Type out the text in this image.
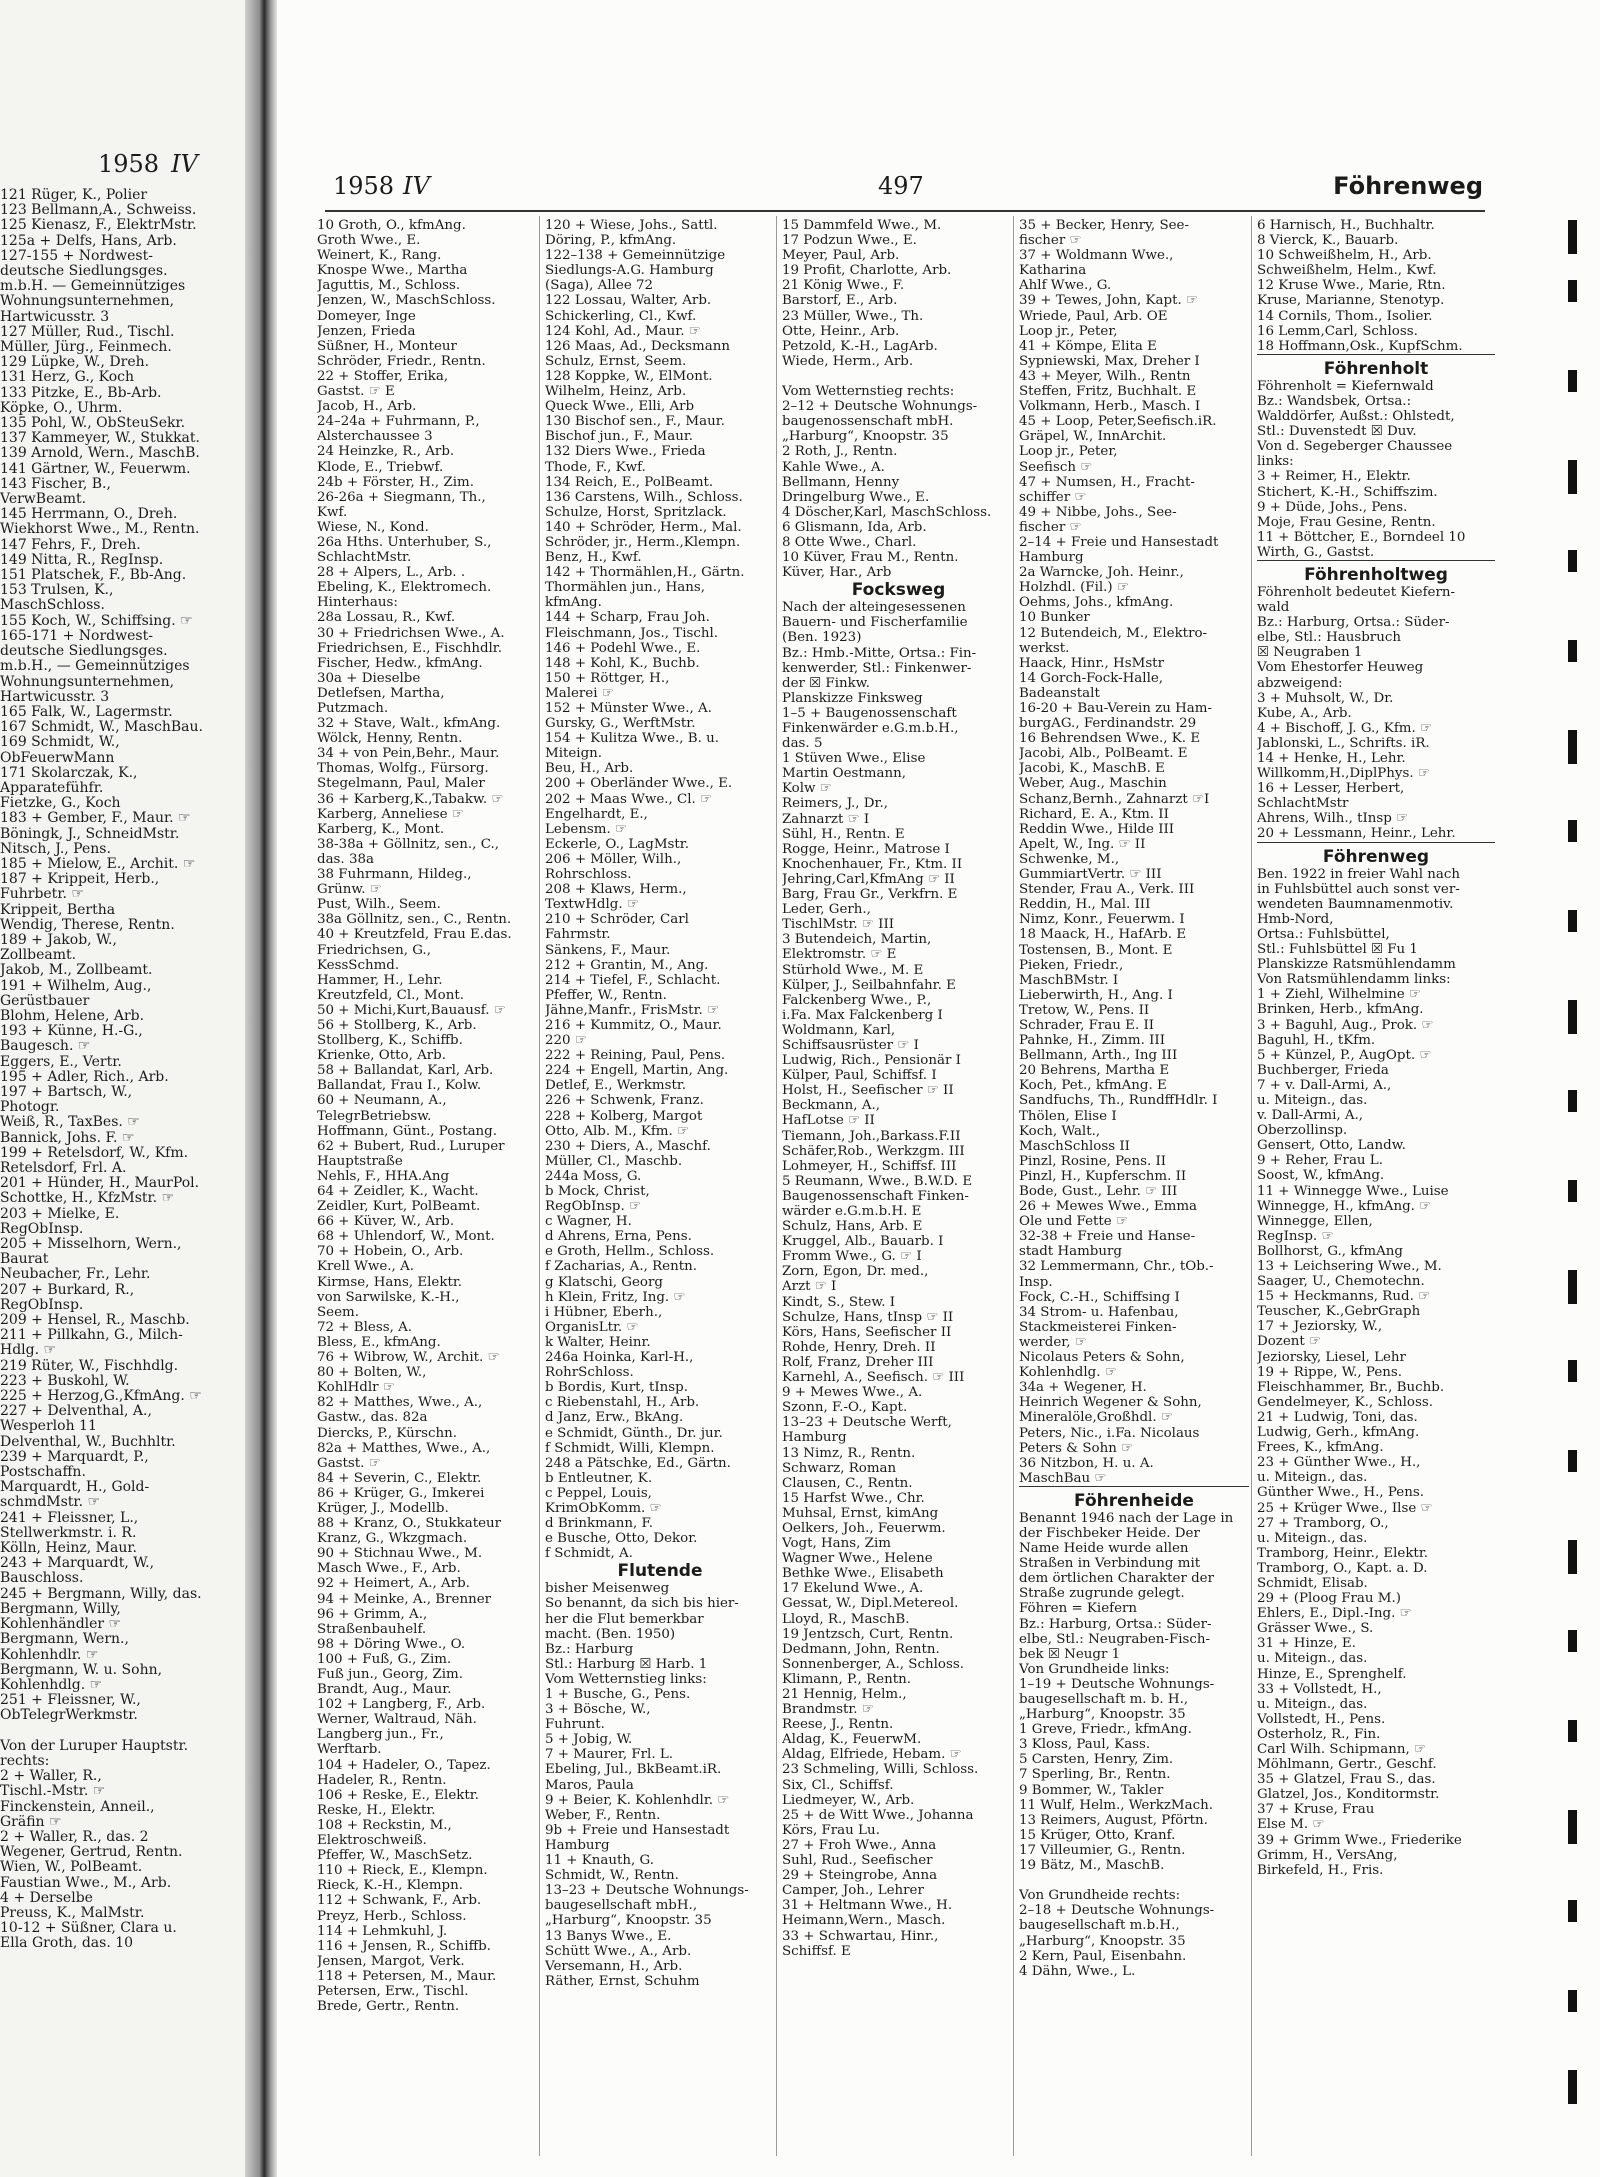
1958 IV
121 Rüger, K., Polier
123 Bellmann,A., Schweiss.
125 Kienasz, F., ElektrMstr.
125a + Delfs, Hans, Arb.
127-155 + Nordwest-
deutsche Siedlungsges.
m.b.H. — Gemeinnütziges
Wohnungsunternehmen,
Hartwicusstr. 3
127 Müller, Rud., Tischl.
Müller, Jürg., Feinmech.
129 Lüpke, W., Dreh.
131 Herz, G., Koch
133 Pitzke, E., Bb-Arb.
Köpke, O., Uhrm.
135 Pohl, W., ObSteuSekr.
137 Kammeyer, W., Stukkat.
139 Arnold, Wern., MaschB.
141 Gärtner, W., Feuerwm.
143 Fischer, B.,
VerwBeamt.
145 Herrmann, O., Dreh.
Wiekhorst Wwe., M., Rentn.
147 Fehrs, F., Dreh.
149 Nitta, R., RegInsp.
151 Platschek, F., Bb-Ang.
153 Trulsen, K.,
MaschSchloss.
155 Koch, W., Schiffsing. ☞
165-171 + Nordwest-
deutsche Siedlungsges.
m.b.H., — Gemeinnütziges
Wohnungsunternehmen,
Hartwicusstr. 3
165 Falk, W., Lagermstr.
167 Schmidt, W., MaschBau.
169 Schmidt, W.,
ObFeuerwMann
171 Skolarczak, K.,
Apparatefühfr.
Fietzke, G., Koch
183 + Gember, F., Maur. ☞
Böningk, J., SchneidMstr.
Nitsch, J., Pens.
185 + Mielow, E., Archit. ☞
187 + Krippeit, Herb.,
Fuhrbetr. ☞
Krippeit, Bertha
Wendig, Therese, Rentn.
189 + Jakob, W.,
Zollbeamt.
Jakob, M., Zollbeamt.
191 + Wilhelm, Aug.,
Gerüstbauer
Blohm, Helene, Arb.
193 + Künne, H.-G.,
Baugesch. ☞
Eggers, E., Vertr.
195 + Adler, Rich., Arb.
197 + Bartsch, W.,
Photogr.
Weiß, R., TaxBes. ☞
Bannick, Johs. F. ☞
199 + Retelsdorf, W., Kfm.
Retelsdorf, Frl. A.
201 + Hünder, H., MaurPol.
Schottke, H., KfzMstr. ☞
203 + Mielke, E.
RegObInsp.
205 + Misselhorn, Wern.,
Baurat
Neubacher, Fr., Lehr.
207 + Burkard, R.,
RegObInsp.
209 + Hensel, R., Maschb.
211 + Pillkahn, G., Milch-
Hdlg. ☞
219 Rüter, W., Fischhdlg.
223 + Buskohl, W.
225 + Herzog,G.,KfmAng. ☞
227 + Delventhal, A.,
Wesperloh 11
Delventhal, W., Buchhltr.
239 + Marquardt, P.,
Postschaffn.
Marquardt, H., Gold-
schmdMstr. ☞
241 + Fleissner, L.,
Stellwerkmstr. i. R.
Kölln, Heinz, Maur.
243 + Marquardt, W.,
Bauschloss.
245 + Bergmann, Willy, das.
Bergmann, Willy,
Kohlenhändler ☞
Bergmann, Wern.,
Kohlenhdlr. ☞
Bergmann, W. u. Sohn,
Kohlenhdlg. ☞
251 + Fleissner, W.,
ObTelegrWerkmstr.

Von der Luruper Hauptstr.
rechts:
2 + Waller, R.,
Tischl.-Mstr. ☞
Finckenstein, Anneil.,
Gräfin ☞
2 + Waller, R., das. 2
Wegener, Gertrud, Rentn.
Wien, W., PolBeamt.
Faustian Wwe., M., Arb.
4 + Derselbe
Preuss, K., MalMstr.
10-12 + Süßner, Clara u.
Ella Groth, das. 10
1958 IV	497	Föhrenweg

10 Groth, O., kfmAng.

Groth Wwe., E.

Weinert, K., Rang.

Knospe Wwe., Martha

Jaguttis, M., Schloss.

Jenzen, W., MaschSchloss.

Domeyer, Inge

Jenzen, Frieda

Süßner, H., Monteur

Schröder, Friedr., Rentn.

22 + Stoffer, Erika,

Gastst. ☞ E

Jacob, H., Arb.

24–24a + Fuhrmann, P.,

Alsterchaussee 3

24 Heinzke, R., Arb.

Klode, E., Triebwf.

24b + Förster, H., Zim.

26-26a + Siegmann, Th.,

Kwf.

Wiese, N., Kond.

26a Hths. Unterhuber, S.,

SchlachtMstr.

28 + Alpers, L., Arb. .

Ebeling, K., Elektromech.

Hinterhaus:

28a Lossau, R., Kwf.

30 + Friedrichsen Wwe., A.

Friedrichsen, E., Fischhdlr.

Fischer, Hedw., kfmAng.

30a + Dieselbe

Detlefsen, Martha,

Putzmach.

32 + Stave, Walt., kfmAng.

Wölck, Henny, Rentn.

34 + von Pein,Behr., Maur.

Thomas, Wolfg., Fürsorg.

Stegelmann, Paul, Maler

36 + Karberg,K.,Tabakw. ☞

Karberg, Anneliese ☞

Karberg, K., Mont.

38-38a + Göllnitz, sen., C.,

das. 38a

38 Fuhrmann, Hildeg.,

Grünw. ☞

Pust, Wilh., Seem.

38a Göllnitz, sen., C., Rentn.

40 + Kreutzfeld, Frau E.das.

Friedrichsen, G.,

KessSchmd.

Hammer, H., Lehr.

Kreutzfeld, Cl., Mont.

50 + Michi,Kurt,Bauausf. ☞

56 + Stollberg, K., Arb.

Stollberg, K., Schiffb.

Krienke, Otto, Arb.

58 + Ballandat, Karl, Arb.

Ballandat, Frau I., Kolw.

60 + Neumann, A.,

TelegrBetriebsw.

Hoffmann, Günt., Postang.

62 + Bubert, Rud., Luruper

Hauptstraße

Nehls, F., HHA.Ang

64 + Zeidler, K., Wacht.

Zeidler, Kurt, PolBeamt.

66 + Küver, W., Arb.

68 + Uhlendorf, W., Mont.

70 + Hobein, O., Arb.

Krell Wwe., A.

Kirmse, Hans, Elektr.

von Sarwilske, K.-H.,

Seem.

72 + Bless, A.

Bless, E., kfmAng.

76 + Wibrow, W., Archit. ☞

80 + Bolten, W.,

KohlHdlr ☞

82 + Matthes, Wwe., A.,

Gastw., das. 82a

Diercks, P., Kürschn.

82a + Matthes, Wwe., A.,

Gastst. ☞

84 + Severin, C., Elektr.

86 + Krüger, G., Imkerei

Krüger, J., Modellb.

88 + Kranz, O., Stukkateur

Kranz, G., Wkzgmach.

90 + Stichnau Wwe., M.

Masch Wwe., F., Arb.

92 + Heimert, A., Arb.

94 + Meinke, A., Brenner

96 + Grimm, A.,

Straßenbauhelf.

98 + Döring Wwe., O.

100 + Fuß, G., Zim.

Fuß jun., Georg, Zim.

Brandt, Aug., Maur.

102 + Langberg, F., Arb.

Werner, Waltraud, Näh.

Langberg jun., Fr.,

Werftarb.

104 + Hadeler, O., Tapez.

Hadeler, R., Rentn.

106 + Reske, E., Elektr.

Reske, H., Elektr.

108 + Reckstin, M.,

Elektroschweiß.

Pfeffer, W., MaschSetz.

110 + Rieck, E., Klempn.

Rieck, K.-H., Klempn.

112 + Schwank, F., Arb.

Preyz, Herb., Schloss.

114 + Lehmkuhl, J.

116 + Jensen, R., Schiffb.

Jensen, Margot, Verk.

118 + Petersen, M., Maur.

Petersen, Erw., Tischl.

Brede, Gertr., Rentn.

120 + Wiese, Johs., Sattl.

Döring, P., kfmAng.

122–138 + Gemeinnützige

Siedlungs-A.G. Hamburg

(Saga), Allee 72

122 Lossau, Walter, Arb.

Schickerling, Cl., Kwf.

124 Kohl, Ad., Maur. ☞

126 Maas, Ad., Decksmann

Schulz, Ernst, Seem.

128 Koppke, W., ElMont.

Wilhelm, Heinz, Arb.

Queck Wwe., Elli, Arb

130 Bischof sen., F., Maur.

Bischof jun., F., Maur.

132 Diers Wwe., Frieda

Thode, F., Kwf.

134 Reich, E., PolBeamt.

136 Carstens, Wilh., Schloss.

Schulze, Horst, Spritzlack.

140 + Schröder, Herm., Mal.

Schröder, jr., Herm.,Klempn.

Benz, H., Kwf.

142 + Thormählen,H., Gärtn.

Thormählen jun., Hans,

kfmAng.

144 + Scharp, Frau Joh.

Fleischmann, Jos., Tischl.

146 + Podehl Wwe., E.

148 + Kohl, K., Buchb.

150 + Röttger, H.,

Malerei ☞

152 + Münster Wwe., A.

Gursky, G., WerftMstr.

154 + Kulitza Wwe., B. u.

Miteign.

Beu, H., Arb.

200 + Oberländer Wwe., E.

202 + Maas Wwe., Cl. ☞

Engelhardt, E.,

Lebensm. ☞

Eckerle, O., LagMstr.

206 + Möller, Wilh.,

Rohrschloss.

208 + Klaws, Herm.,

TextwHdlg. ☞

210 + Schröder, Carl

Fahrmstr.

Sänkens, F., Maur.

212 + Grantin, M., Ang.

214 + Tiefel, F., Schlacht.

Pfeffer, W., Rentn.

Jähne,Manfr., FrisMstr. ☞

216 + Kummitz, O., Maur.

220 ☞

222 + Reining, Paul, Pens.

224 + Engell, Martin, Ang.

Detlef, E., Werkmstr.

226 + Schwenk, Franz.

228 + Kolberg, Margot

Otto, Alb. M., Kfm. ☞

230 + Diers, A., Maschf.

Müller, Cl., Maschb.

244a Moss, G.

b Mock, Christ,

RegObInsp. ☞

c Wagner, H.

d Ahrens, Erna, Pens.

e Groth, Hellm., Schloss.

f Zacharias, A., Rentn.

g Klatschi, Georg

h Klein, Fritz, Ing. ☞

i Hübner, Eberh.,

OrganisLtr. ☞

k Walter, Heinr.

246a Hoinka, Karl-H.,

RohrSchloss.

b Bordis, Kurt, tInsp.

c Riebenstahl, H., Arb.

d Janz, Erw., BkAng.

e Schmidt, Günth., Dr. jur.

f Schmidt, Willi, Klempn.

248 a Pätschke, Ed., Gärtn.

b Entleutner, K.

c Peppel, Louis,

KrimObKomm. ☞

d Brinkmann, F.

e Busche, Otto, Dekor.

f Schmidt, A.

Flutende

bisher Meisenweg

So benannt, da sich bis hier-

her die Flut bemerkbar

macht. (Ben. 1950)

Bz.: Harburg

Stl.: Harburg ☒ Harb. 1

Vom Wetternstieg links:

1 + Busche, G., Pens.

3 + Bösche, W.,

Fuhrunt.

5 + Jobig, W.

7 + Maurer, Frl. L.

Ebeling, Jul., BkBeamt.iR.

Maros, Paula

9 + Beier, K. Kohlenhdlr. ☞

Weber, F., Rentn.

9b + Freie und Hansestadt

Hamburg

11 + Knauth, G.

Schmidt, W., Rentn.

13–23 + Deutsche Wohnungs-

baugesellschaft mbH.,

„Harburg“, Knoopstr. 35

13 Banys Wwe., E.

Schütt Wwe., A., Arb.

Versemann, H., Arb.

Räther, Ernst, Schuhm

15 Dammfeld Wwe., M.

17 Podzun Wwe., E.

Meyer, Paul, Arb.

19 Profit, Charlotte, Arb.

21 König Wwe., F.

Barstorf, E., Arb.

23 Müller, Wwe., Th.

Otte, Heinr., Arb.

Petzold, K.-H., LagArb.

Wiede, Herm., Arb.

Vom Wetternstieg rechts:

2–12 + Deutsche Wohnungs-

baugenossenschaft mbH.

„Harburg“, Knoopstr. 35

2 Roth, J., Rentn.

Kahle Wwe., A.

Bellmann, Henny

Dringelburg Wwe., E.

4 Döscher,Karl, MaschSchloss.

6 Glismann, Ida, Arb.

8 Otte Wwe., Charl.

10 Küver, Frau M., Rentn.

Küver, Har., Arb

Focksweg

Nach der alteingesessenen

Bauern- und Fischerfamilie

(Ben. 1923)

Bz.: Hmb.-Mitte, Ortsa.: Fin-

kenwerder, Stl.: Finkenwer-

der ☒ Finkw.

Planskizze Finksweg

1–5 + Baugenossenschaft

Finkenwärder e.G.m.b.H.,

das. 5

1 Stüven Wwe., Elise

Martin Oestmann,

Kolw ☞

Reimers, J., Dr.,

Zahnarzt ☞ I

Sühl, H., Rentn. E

Rogge, Heinr., Matrose I

Knochenhauer, Fr., Ktm. II

Jehring,Carl,KfmAng ☞ II

Barg, Frau Gr., Verkfrn. E

Leder, Gerh.,

TischlMstr. ☞ III

3 Butendeich, Martin,

Elektromstr. ☞ E

Stürhold Wwe., M. E

Külper, J., Seilbahnfahr. E

Falckenberg Wwe., P.,

i.Fa. Max Falckenberg I

Woldmann, Karl,

Schiffsausrüster ☞ I

Ludwig, Rich., Pensionär I

Külper, Paul, Schiffsf. I

Holst, H., Seefischer ☞ II

Beckmann, A.,

HafLotse ☞ II

Tiemann, Joh.,Barkass.F.II

Schäfer,Rob., Werkzgm. III

Lohmeyer, H., Schiffsf. III

5 Reumann, Wwe., B.W.D. E

Baugenossenschaft Finken-

wärder e.G.m.b.H. E

Schulz, Hans, Arb. E

Kruggel, Alb., Bauarb. I

Fromm Wwe., G. ☞ I

Zorn, Egon, Dr. med.,

Arzt ☞ I

Kindt, S., Stew. I

Schulze, Hans, tInsp ☞ II

Körs, Hans, Seefischer II

Rohde, Henry, Dreh. II

Rolf, Franz, Dreher III

Karnehl, A., Seefisch. ☞ III

9 + Mewes Wwe., A.

Szonn, F.-O., Kapt.

13–23 + Deutsche Werft,

Hamburg

13 Nimz, R., Rentn.

Schwarz, Roman

Clausen, C., Rentn.

15 Harfst Wwe., Chr.

Muhsal, Ernst, kimAng

Oelkers, Joh., Feuerwm.

Vogt, Hans, Zim

Wagner Wwe., Helene

Bethke Wwe., Elisabeth

17 Ekelund Wwe., A.

Gessat, W., Dipl.Metereol.

Lloyd, R., MaschB.

19 Jentzsch, Curt, Rentn.

Dedmann, John, Rentn.

Sonnenberger, A., Schloss.

Klimann, P., Rentn.

21 Hennig, Helm.,

Brandmstr. ☞

Reese, J., Rentn.

Aldag, K., FeuerwM.

Aldag, Elfriede, Hebam. ☞

23 Schmeling, Willi, Schloss.

Six, Cl., Schiffsf.

Liedmeyer, W., Arb.

25 + de Witt Wwe., Johanna

Körs, Frau Lu.

27 + Froh Wwe., Anna

Suhl, Rud., Seefischer

29 + Steingrobe, Anna

Camper, Joh., Lehrer

31 + Heltmann Wwe., H.

Heimann,Wern., Masch.

33 + Schwartau, Hinr.,

Schiffsf. E

35 + Becker, Henry, See-

fischer ☞

37 + Woldmann Wwe.,

Katharina

Ahlf Wwe., G.

39 + Tewes, John, Kapt. ☞

Wriede, Paul, Arb. OE

Loop jr., Peter,

41 + Kömpe, Elita E

Sypniewski, Max, Dreher I

43 + Meyer, Wilh., Rentn

Steffen, Fritz, Buchhalt. E

Volkmann, Herb., Masch. I

45 + Loop, Peter,Seefisch.iR.

Gräpel, W., InnArchit.

Loop jr., Peter,

Seefisch ☞

47 + Numsen, H., Fracht-

schiffer ☞

49 + Nibbe, Johs., See-

fischer ☞

2–14 + Freie und Hansestadt

Hamburg

2a Warncke, Joh. Heinr.,

Holzhdl. (Fil.) ☞

Oehms, Johs., kfmAng.

10 Bunker

12 Butendeich, M., Elektro-

werkst.

Haack, Hinr., HsMstr

14 Gorch-Fock-Halle,

Badeanstalt

16-20 + Bau-Verein zu Ham-

burgAG., Ferdinandstr. 29

16 Behrendsen Wwe., K. E

Jacobi, Alb., PolBeamt. E

Jacobi, K., MaschB. E

Weber, Aug., Maschin

Schanz,Bernh., Zahnarzt ☞I

Richard, E. A., Ktm. II

Reddin Wwe., Hilde III

Apelt, W., Ing. ☞ II

Schwenke, M.,

GummiartVertr. ☞ III

Stender, Frau A., Verk. III

Reddin, H., Mal. III

Nimz, Konr., Feuerwm. I

18 Maack, H., HafArb. E

Tostensen, B., Mont. E

Pieken, Friedr.,

MaschBMstr. I

Lieberwirth, H., Ang. I

Tretow, W., Pens. II

Schrader, Frau E. II

Pahnke, H., Zimm. III

Bellmann, Arth., Ing III

20 Behrens, Martha E

Koch, Pet., kfmAng. E

Sandfuchs, Th., RundffHdlr. I

Thölen, Elise I

Koch, Walt.,

MaschSchloss II

Pinzl, Rosine, Pens. II

Pinzl, H., Kupferschm. II

Bode, Gust., Lehr. ☞ III

26 + Mewes Wwe., Emma

Ole und Fette ☞

32-38 + Freie und Hanse-

stadt Hamburg

32 Lemmermann, Chr., tOb.-

Insp.

Fock, C.-H., Schiffsing I

34 Strom- u. Hafenbau,

Stackmeisterei Finken-

werder, ☞

Nicolaus Peters & Sohn,

Kohlenhdlg. ☞

34a + Wegener, H.

Heinrich Wegener & Sohn,

Mineralöle,Großhdl. ☞

Peters, Nic., i.Fa. Nicolaus

Peters & Sohn ☞

36 Nitzbon, H. u. A.

MaschBau ☞

Föhrenheide

Benannt 1946 nach der Lage in

der Fischbeker Heide. Der

Name Heide wurde allen

Straßen in Verbindung mit

dem örtlichen Charakter der

Straße zugrunde gelegt.

Föhren = Kiefern

Bz.: Harburg, Ortsa.: Süder-

elbe, Stl.: Neugraben-Fisch-

bek ☒ Neugr 1

Von Grundheide links:

1–19 + Deutsche Wohnungs-

baugesellschaft m. b. H.,

„Harburg“, Knoopstr. 35

1 Greve, Friedr., kfmAng.

3 Kloss, Paul, Kass.

5 Carsten, Henry, Zim.

7 Sperling, Br., Rentn.

9 Bommer, W., Takler

11 Wulf, Helm., WerkzMach.

13 Reimers, August, Pförtn.

15 Krüger, Otto, Kranf.

17 Villeumier, G., Rentn.

19 Bätz, M., MaschB.

Von Grundheide rechts:

2–18 + Deutsche Wohnungs-

baugesellschaft m.b.H.,

„Harburg“, Knoopstr. 35

2 Kern, Paul, Eisenbahn.

4 Dähn, Wwe., L.

6 Harnisch, H., Buchhaltr.

8 Vierck, K., Bauarb.

10 Schweißhelm, H., Arb.

Schweißhelm, Helm., Kwf.

12 Kruse Wwe., Marie, Rtn.

Kruse, Marianne, Stenotyp.

14 Cornils, Thom., Isolier.

16 Lemm,Carl, Schloss.

18 Hoffmann,Osk., KupfSchm.

Föhrenholt

Föhrenholt = Kiefernwald

Bz.: Wandsbek, Ortsa.:

Walddörfer, Außst.: Ohlstedt,

Stl.: Duvenstedt ☒ Duv.

Von d. Segeberger Chaussee

links:

3 + Reimer, H., Elektr.

Stichert, K.-H., Schiffszim.

9 + Düde, Johs., Pens.

Moje, Frau Gesine, Rentn.

11 + Böttcher, E., Borndeel 10

Wirth, G., Gastst.

Föhrenholtweg

Föhrenholt bedeutet Kiefern-

wald

Bz.: Harburg, Ortsa.: Süder-

elbe, Stl.: Hausbruch

☒ Neugraben 1

Vom Ehestorfer Heuweg

abzweigend:

3 + Muhsolt, W., Dr.

Kube, A., Arb.

4 + Bischoff, J. G., Kfm. ☞

Jablonski, L., Schrifts. iR.

14 + Henke, H., Lehr.

Willkomm,H.,DiplPhys. ☞

16 + Lesser, Herbert,

SchlachtMstr

Ahrens, Wilh., tInsp ☞

20 + Lessmann, Heinr., Lehr.

Föhrenweg

Ben. 1922 in freier Wahl nach

in Fuhlsbüttel auch sonst ver-

wendeten Baumnamenmotiv.

Hmb-Nord,

Ortsa.: Fuhlsbüttel,

Stl.: Fuhlsbüttel ☒ Fu 1

Planskizze Ratsmühlendamm

Von Ratsmühlendamm links:

1 + Ziehl, Wilhelmine ☞

Brinken, Herb., kfmAng.

3 + Baguhl, Aug., Prok. ☞

Baguhl, H., tKfm.

5 + Künzel, P., AugOpt. ☞

Buchberger, Frieda

7 + v. Dall-Armi, A.,

u. Miteign., das.

v. Dall-Armi, A.,

Oberzollinsp.

Gensert, Otto, Landw.

9 + Reher, Frau L.

Soost, W., kfmAng.

11 + Winnegge Wwe., Luise

Winnegge, H., kfmAng. ☞

Winnegge, Ellen,

RegInsp. ☞

Bollhorst, G., kfmAng

13 + Leichsering Wwe., M.

Saager, U., Chemotechn.

15 + Heckmanns, Rud. ☞

Teuscher, K.,GebrGraph

17 + Jeziorsky, W.,

Dozent ☞

Jeziorsky, Liesel, Lehr

19 + Rippe, W., Pens.

Fleischhammer, Br., Buchb.

Gendelmeyer, K., Schloss.

21 + Ludwig, Toni, das.

Ludwig, Gerh., kfmAng.

Frees, K., kfmAng.

23 + Günther Wwe., H.,

u. Miteign., das.

Günther Wwe., H., Pens.

25 + Krüger Wwe., Ilse ☞

27 + Tramborg, O.,

u. Miteign., das.

Tramborg, Heinr., Elektr.

Tramborg, O., Kapt. a. D.

Schmidt, Elisab.

29 + (Ploog Frau M.)

Ehlers, E., Dipl.-Ing. ☞

Grässer Wwe., S.

31 + Hinze, E.

u. Miteign., das.

Hinze, E., Sprenghelf.

33 + Vollstedt, H.,

u. Miteign., das.

Vollstedt, H., Pens.

Osterholz, R., Fin.

Carl Wilh. Schipmann, ☞

Möhlmann, Gertr., Geschf.

35 + Glatzel, Frau S., das.

Glatzel, Jos., Konditormstr.

37 + Kruse, Frau

Else M. ☞

39 + Grimm Wwe., Friederike

Grimm, H., VersAng,

Birkefeld, H., Fris.
